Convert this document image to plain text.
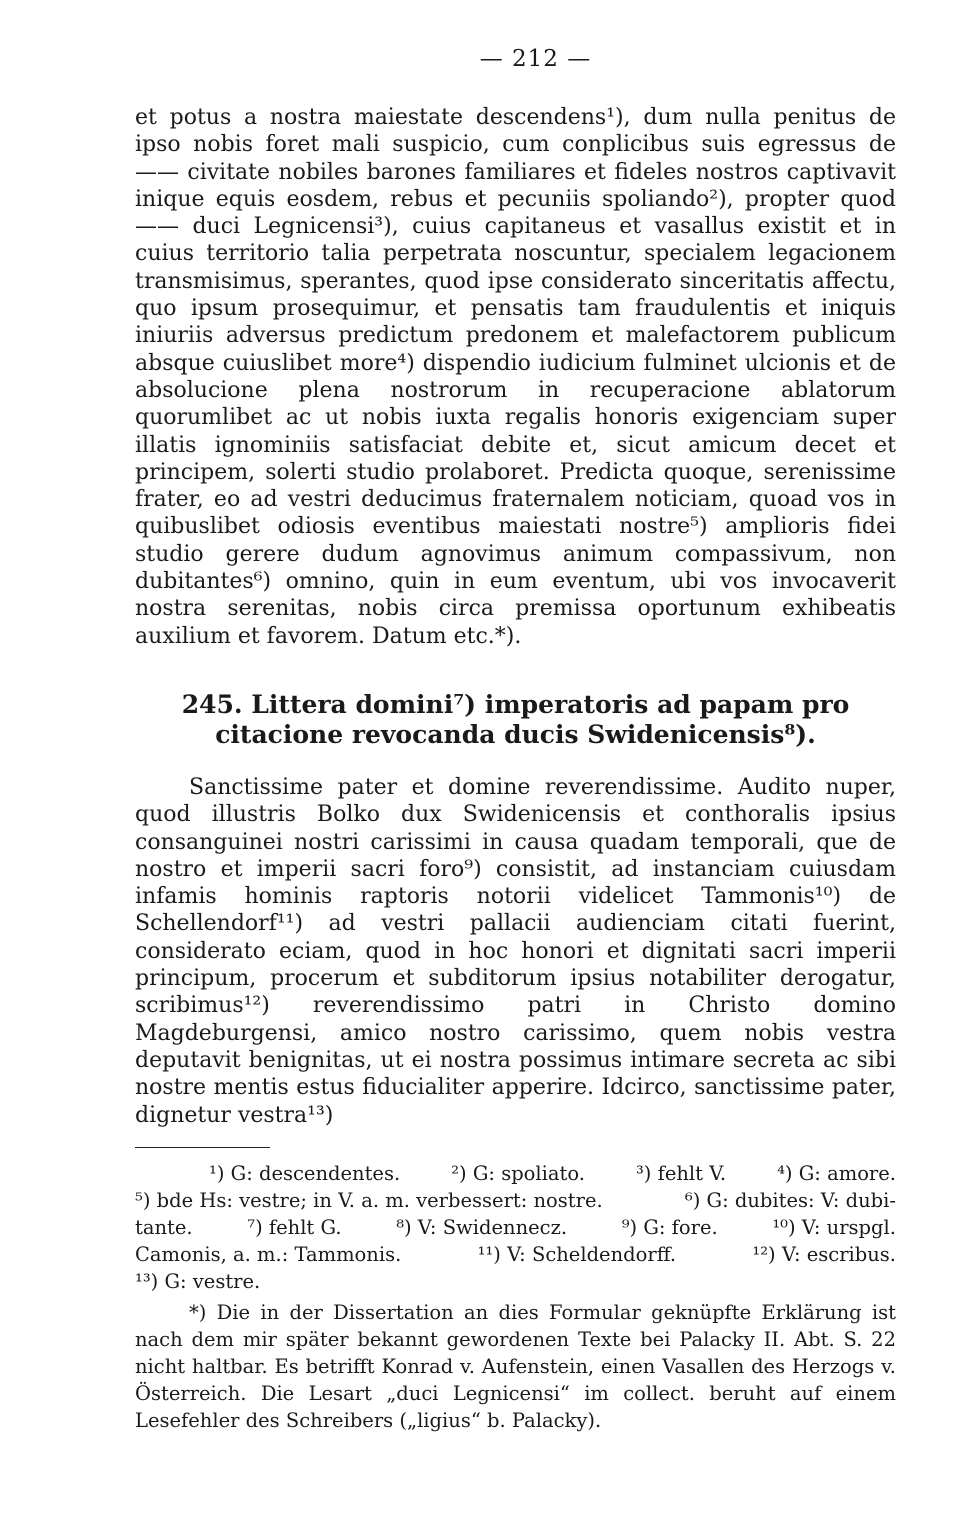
— 212 —

et potus a nostra maiestate descendens¹), dum nulla penitus de ipso nobis foret mali suspicio, cum conplicibus suis egressus de —— civitate nobiles barones familiares et fideles nostros captivavit inique equis eosdem, rebus et pecuniis spoliando²), propter quod —— duci Legnicensi³), cuius capitaneus et vasallus existit et in cuius territorio talia perpetrata noscuntur, specialem legacionem transmisimus, sperantes, quod ipse considerato sinceritatis affectu, quo ipsum prosequimur, et pensatis tam fraudulentis et iniquis iniuriis adversus predictum predonem et malefactorem publicum absque cuiuslibet more⁴) dispendio iudicium fulminet ulcionis et de absolucione plena nostrorum in recuperacione ablatorum quorumlibet ac ut nobis iuxta regalis honoris exigenciam super illatis ignominiis satisfaciat debite et, sicut amicum decet et principem, solerti studio prolaboret. Predicta quoque, serenissime frater, eo ad vestri deducimus fraternalem noticiam, quoad vos in quibuslibet odiosis eventibus maiestati nostre⁵) amplioris fidei studio gerere dudum agnovimus animum compassivum, non dubitantes⁶) omnino, quin in eum eventum, ubi vos invocaverit nostra serenitas, nobis circa premissa oportunum exhibeatis auxilium et favorem. Datum etc.*).

245. Littera domini⁷) imperatoris ad papam pro citacione revocanda ducis Swidenicensis⁸).

Sanctissime pater et domine reverendissime. Audito nuper, quod illustris Bolko dux Swidenicensis et conthoralis ipsius consanguinei nostri carissimi in causa quadam temporali, que de nostro et imperii sacri foro⁹) consistit, ad instanciam cuiusdam infamis hominis raptoris notorii videlicet Tammonis¹⁰) de Schellendorf¹¹) ad vestri pallacii audienciam citati fuerint, considerato eciam, quod in hoc honori et dignitati sacri imperii principum, procerum et subditorum ipsius notabiliter derogatur, scribimus¹²) reverendissimo patri in Christo domino Magdeburgensi, amico nostro carissimo, quem nobis vestra deputavit benignitas, ut ei nostra possimus intimare secreta ac sibi nostre mentis estus fiducialiter apperire. Idcirco, sanctissime pater, dignetur vestra¹³)

¹) G: descendentes.	²) G: spoliato.	³) fehlt V.	⁴) G: amore.
⁵) bde Hs: vestre; in V. a. m. verbessert: nostre.	⁶) G: dubites: V: dubi-
tante.	⁷) fehlt G.	⁸) V: Swidennecz.	⁹) G: fore.	¹⁰) V: urspgl.
Camonis, a. m.: Tammonis.	¹¹) V: Scheldendorff.	¹²) V: escribus.
¹³) G: vestre.

*) Die in der Dissertation an dies Formular geknüpfte Erklärung ist nach dem mir später bekannt gewordenen Texte bei Palacky II. Abt. S. 22 nicht haltbar. Es betrifft Konrad v. Aufenstein, einen Vasallen des Herzogs v. Österreich. Die Lesart „duci Legnicensi“ im collect. beruht auf einem Lesefehler des Schreibers („ligius“ b. Palacky).
